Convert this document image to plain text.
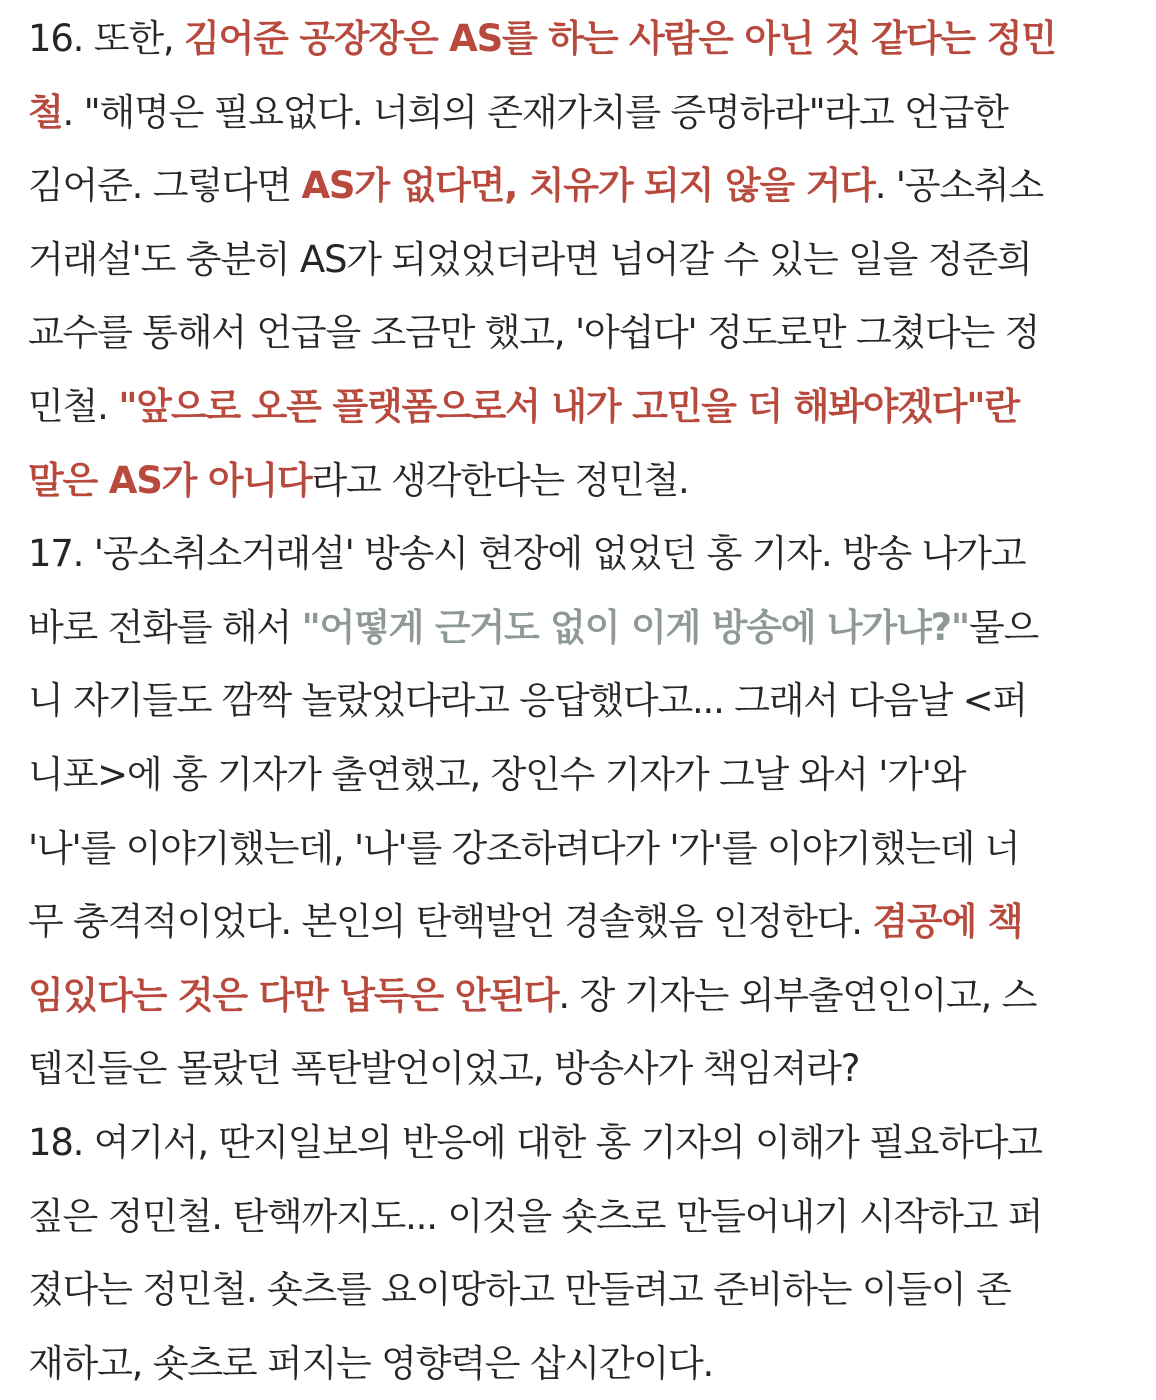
16. 또한, 김어준 공장장은 AS를 하는 사람은 아닌 것 같다는 정민
철. "해명은 필요없다. 너희의 존재가치를 증명하라"라고 언급한
김어준. 그렇다면 AS가 없다면, 치유가 되지 않을 거다. '공소취소
거래설'도 충분히 AS가 되었었더라면 넘어갈 수 있는 일을 정준희
교수를 통해서 언급을 조금만 했고, '아쉽다' 정도로만 그쳤다는 정
민철. "앞으로 오픈 플랫폼으로서 내가 고민을 더 해봐야겠다"란
말은 AS가 아니다라고 생각한다는 정민철.

17. '공소취소거래설' 방송시 현장에 없었던 홍 기자. 방송 나가고
바로 전화를 해서 "어떻게 근거도 없이 이게 방송에 나가냐?"물으
니 자기들도 깜짝 놀랐었다라고 응답했다고... 그래서 다음날 <퍼
니포>에 홍 기자가 출연했고, 장인수 기자가 그날 와서 '가'와
'나'를 이야기했는데, '나'를 강조하려다가 '가'를 이야기했는데 너
무 충격적이었다. 본인의 탄핵발언 경솔했음 인정한다. 겸공에 책
임있다는 것은 다만 납득은 안된다. 장 기자는 외부출연인이고, 스
텝진들은 몰랐던 폭탄발언이었고, 방송사가 책임져라?

18. 여기서, 딴지일보의 반응에 대한 홍 기자의 이해가 필요하다고
짚은 정민철. 탄핵까지도... 이것을 숏츠로 만들어내기 시작하고 퍼
졌다는 정민철. 숏츠를 요이땅하고 만들려고 준비하는 이들이 존
재하고, 숏츠로 퍼지는 영향력은 삽시간이다.
